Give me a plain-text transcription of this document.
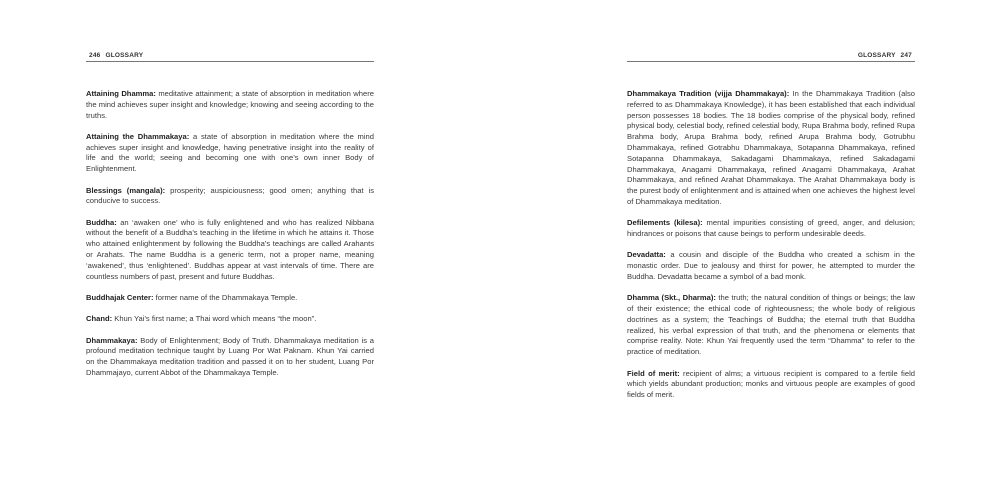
246 GLOSSARY

Attaining Dhamma: meditative attainment; a state of absorption in meditation where the mind achieves super insight and knowledge; knowing and seeing according to the truths.

Attaining the Dhammakaya: a state of absorption in meditation where the mind achieves super insight and knowledge, having penetrative insight into the reality of life and the world; seeing and becoming one with one’s own inner Body of Enlightenment.

Blessings (mangala): prosperity; auspiciousness; good omen; anything that is conducive to success.

Buddha: an ‘awaken one’ who is fully enlightened and who has realized Nibbana without the benefit of a Buddha’s teaching in the lifetime in which he attains it. Those who attained enlightenment by following the Buddha’s teachings are called Arahants or Arahats. The name Buddha is a generic term, not a proper name, meaning ‘awakened’, thus ‘enlightened’. Buddhas appear at vast intervals of time. There are countless numbers of past, present and future Buddhas.

Buddhajak Center: former name of the Dhammakaya Temple.

Chand: Khun Yai’s first name; a Thai word which means “the moon”.

Dhammakaya: Body of Enlightenment; Body of Truth. Dhammakaya meditation is a profound meditation technique taught by Luang Por Wat Paknam. Khun Yai carried on the Dhammakaya meditation tradition and passed it on to her student, Luang Por Dhammajayo, current Abbot of the Dhammakaya Temple.

GLOSSARY 247

Dhammakaya Tradition (vijja Dhammakaya): In the Dhammakaya Tradition (also referred to as Dhammakaya Knowledge), it has been established that each individual person possesses 18 bodies. The 18 bodies comprise of the physical body, refined physical body, celestial body, refined celestial body, Rupa Brahma body, refined Rupa Brahma body, Arupa Brahma body, refined Arupa Brahma body, Gotrubhu Dhammakaya, refined Gotrabhu Dhammakaya, Sotapanna Dhammakaya, refined Sotapanna Dhammakaya, Sakadagami Dhammakaya, refined Sakadagami Dhammakaya, Anagami Dhammakaya, refined Anagami Dhammakaya, Arahat Dhammakaya, and refined Arahat Dhammakaya. The Arahat Dhammakaya body is the purest body of enlightenment and is attained when one achieves the highest level of Dhammakaya meditation.

Defilements (kilesa): mental impurities consisting of greed, anger, and delusion; hindrances or poisons that cause beings to perform undesirable deeds.

Devadatta: a cousin and disciple of the Buddha who created a schism in the monastic order. Due to jealousy and thirst for power, he attempted to murder the Buddha. Devadatta became a symbol of a bad monk.

Dhamma (Skt., Dharma): the truth; the natural condition of things or beings; the law of their existence; the ethical code of righteousness; the whole body of religious doctrines as a system; the Teachings of Buddha; the eternal truth that Buddha realized, his verbal expression of that truth, and the phenomena or elements that comprise reality. Note: Khun Yai frequently used the term “Dhamma” to refer to the practice of meditation.

Field of merit: recipient of alms; a virtuous recipient is compared to a fertile field which yields abundant production; monks and virtuous people are examples of good fields of merit.
